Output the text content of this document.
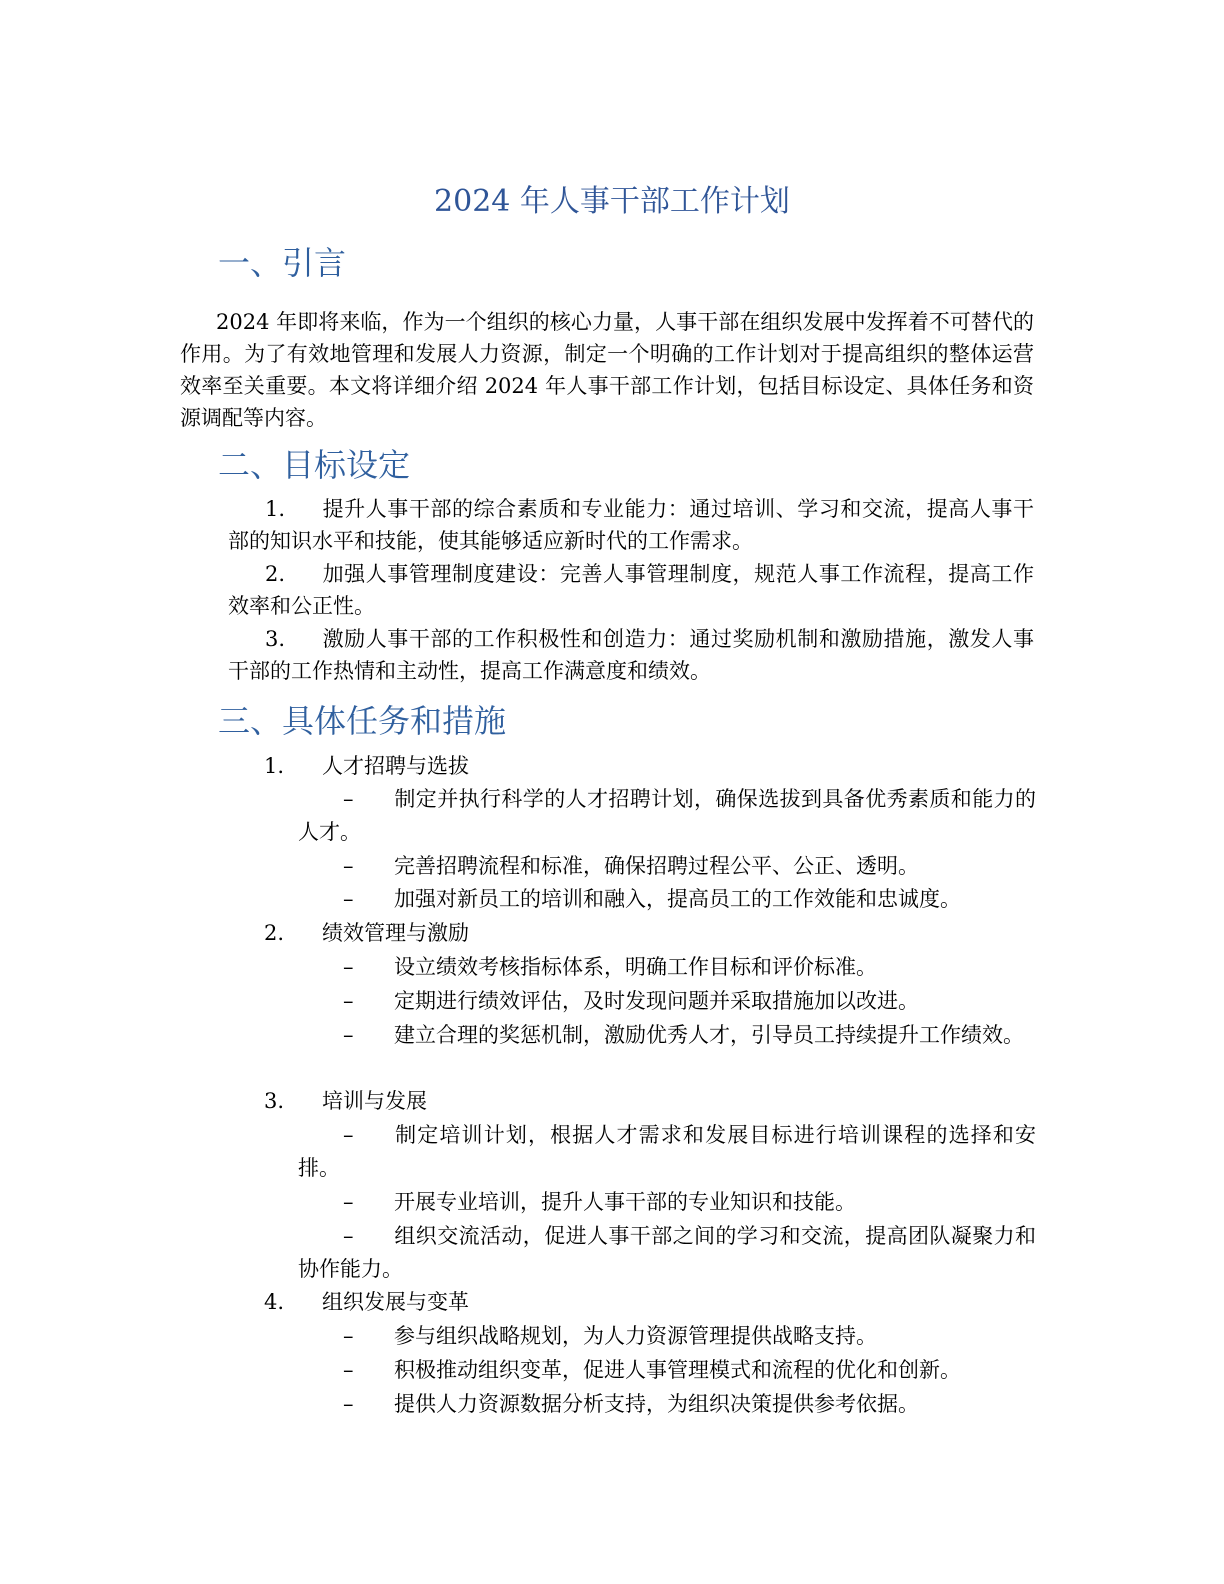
2024 年人事干部工作计划
一、引言
2024 年即将来临，作为一个组织的核心力量，人事干部在组织发展中发挥着不可替代的作用。为了有效地管理和发展人力资源，制定一个明确的工作计划对于提高组织的整体运营效率至关重要。本文将详细介绍 2024 年人事干部工作计划，包括目标设定、具体任务和资源调配等内容。
二、目标设定
1. 提升人事干部的综合素质和专业能力：通过培训、学习和交流，提高人事干部的知识水平和技能，使其能够适应新时代的工作需求。
2. 加强人事管理制度建设：完善人事管理制度，规范人事工作流程，提高工作效率和公正性。
3. 激励人事干部的工作积极性和创造力：通过奖励机制和激励措施，激发人事干部的工作热情和主动性，提高工作满意度和绩效。
三、具体任务和措施
1. 人才招聘与选拔
– 制定并执行科学的人才招聘计划，确保选拔到具备优秀素质和能力的人才。
– 完善招聘流程和标准，确保招聘过程公平、公正、透明。
– 加强对新员工的培训和融入，提高员工的工作效能和忠诚度。
2. 绩效管理与激励
– 设立绩效考核指标体系，明确工作目标和评价标准。
– 定期进行绩效评估，及时发现问题并采取措施加以改进。
– 建立合理的奖惩机制，激励优秀人才，引导员工持续提升工作绩效。
3. 培训与发展
– 制定培训计划，根据人才需求和发展目标进行培训课程的选择和安排。
– 开展专业培训，提升人事干部的专业知识和技能。
– 组织交流活动，促进人事干部之间的学习和交流，提高团队凝聚力和协作能力。
4. 组织发展与变革
– 参与组织战略规划，为人力资源管理提供战略支持。
– 积极推动组织变革，促进人事管理模式和流程的优化和创新。
– 提供人力资源数据分析支持，为组织决策提供参考依据。
